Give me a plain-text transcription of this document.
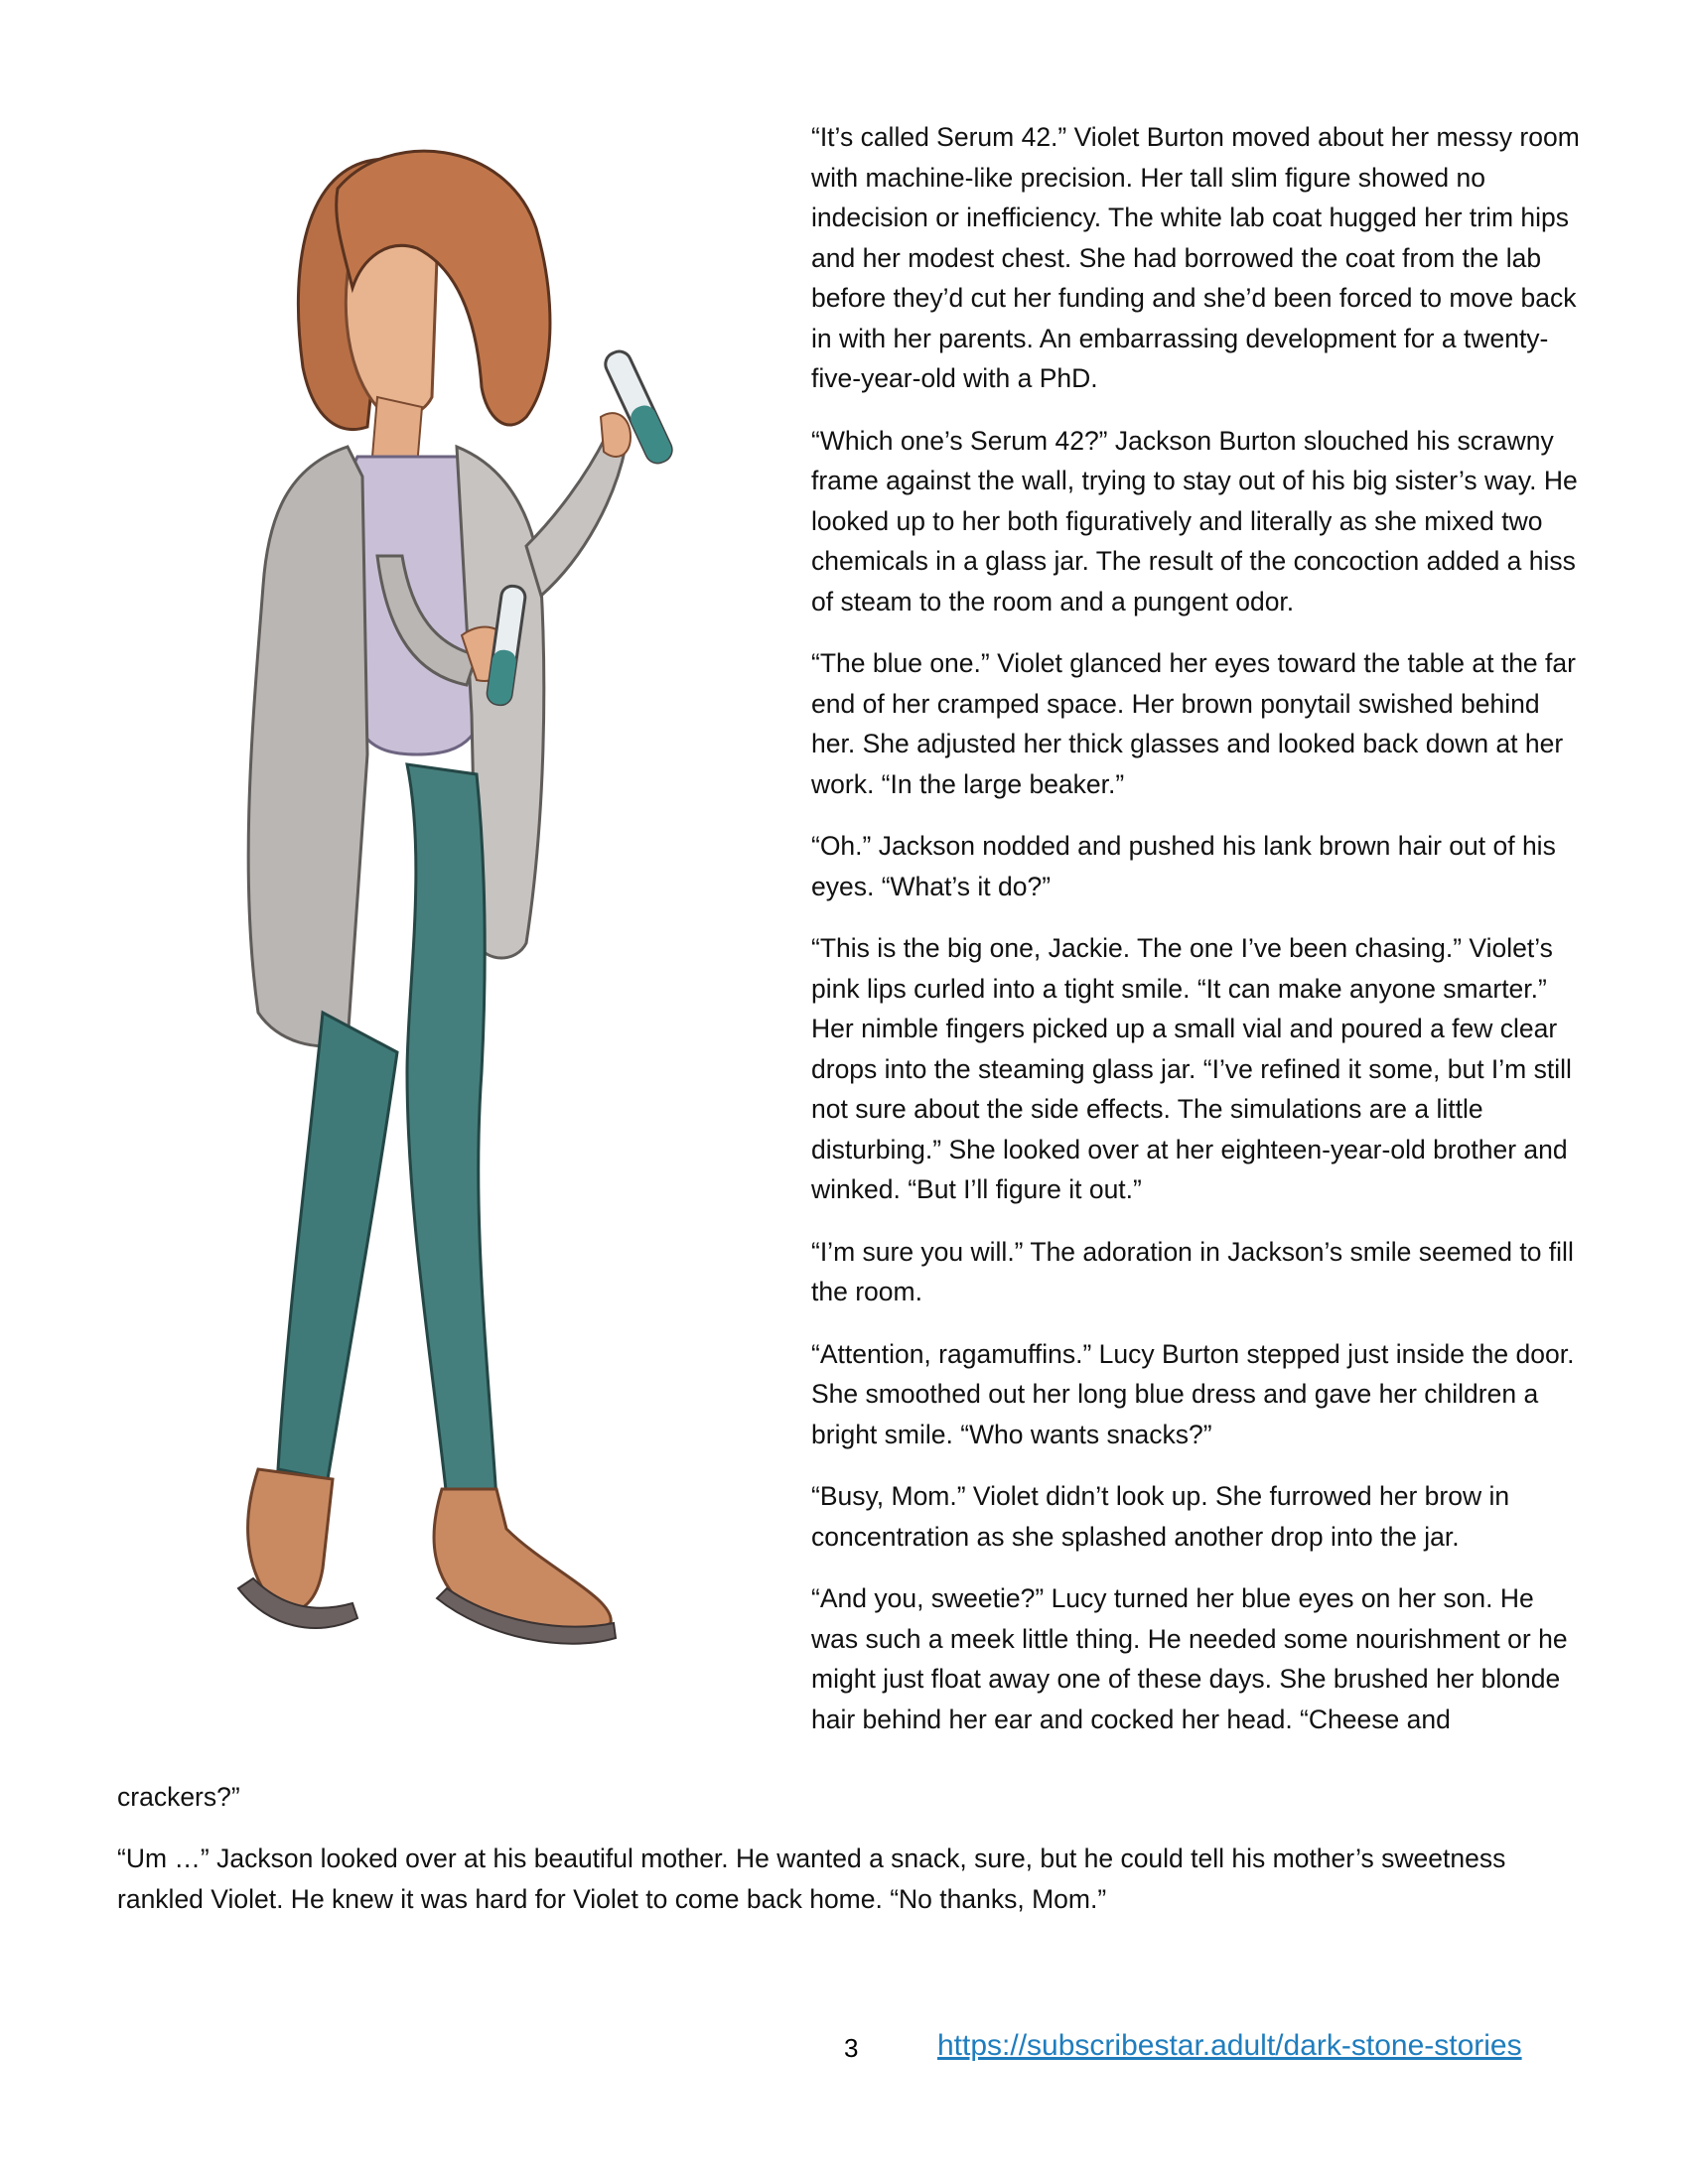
“It’s called Serum 42.” Violet Burton moved about her messy room with machine-like precision. Her tall slim figure showed no indecision or inefficiency. The white lab coat hugged her trim hips and her modest chest. She had borrowed the coat from the lab before they’d cut her funding and she’d been forced to move back in with her parents. An embarrassing development for a twenty-five-year-old with a PhD.

“Which one’s Serum 42?” Jackson Burton slouched his scrawny frame against the wall, trying to stay out of his big sister’s way. He looked up to her both figuratively and literally as she mixed two chemicals in a glass jar. The result of the concoction added a hiss of steam to the room and a pungent odor.

“The blue one.” Violet glanced her eyes toward the table at the far end of her cramped space. Her brown ponytail swished behind her. She adjusted her thick glasses and looked back down at her work. “In the large beaker.”

“Oh.” Jackson nodded and pushed his lank brown hair out of his eyes. “What’s it do?”

“This is the big one, Jackie. The one I’ve been chasing.” Violet’s pink lips curled into a tight smile. “It can make anyone smarter.” Her nimble fingers picked up a small vial and poured a few clear drops into the steaming glass jar. “I’ve refined it some, but I’m still not sure about the side effects. The simulations are a little disturbing.” She looked over at her eighteen-year-old brother and winked. “But I’ll figure it out.”

“I’m sure you will.” The adoration in Jackson’s smile seemed to fill the room.

“Attention, ragamuffins.” Lucy Burton stepped just inside the door. She smoothed out her long blue dress and gave her children a bright smile. “Who wants snacks?”

“Busy, Mom.” Violet didn’t look up. She furrowed her brow in concentration as she splashed another drop into the jar.

“And you, sweetie?” Lucy turned her blue eyes on her son. He was such a meek little thing. He needed some nourishment or he might just float away one of these days. She brushed her blonde hair behind her ear and cocked her head. “Cheese and

crackers?”
“Um …” Jackson looked over at his beautiful mother. He wanted a snack, sure, but he could tell his mother’s sweetness rankled Violet. He knew it was hard for Violet to come back home. “No thanks, Mom.”
3	https://subscribestar.adult/dark-stone-stories
